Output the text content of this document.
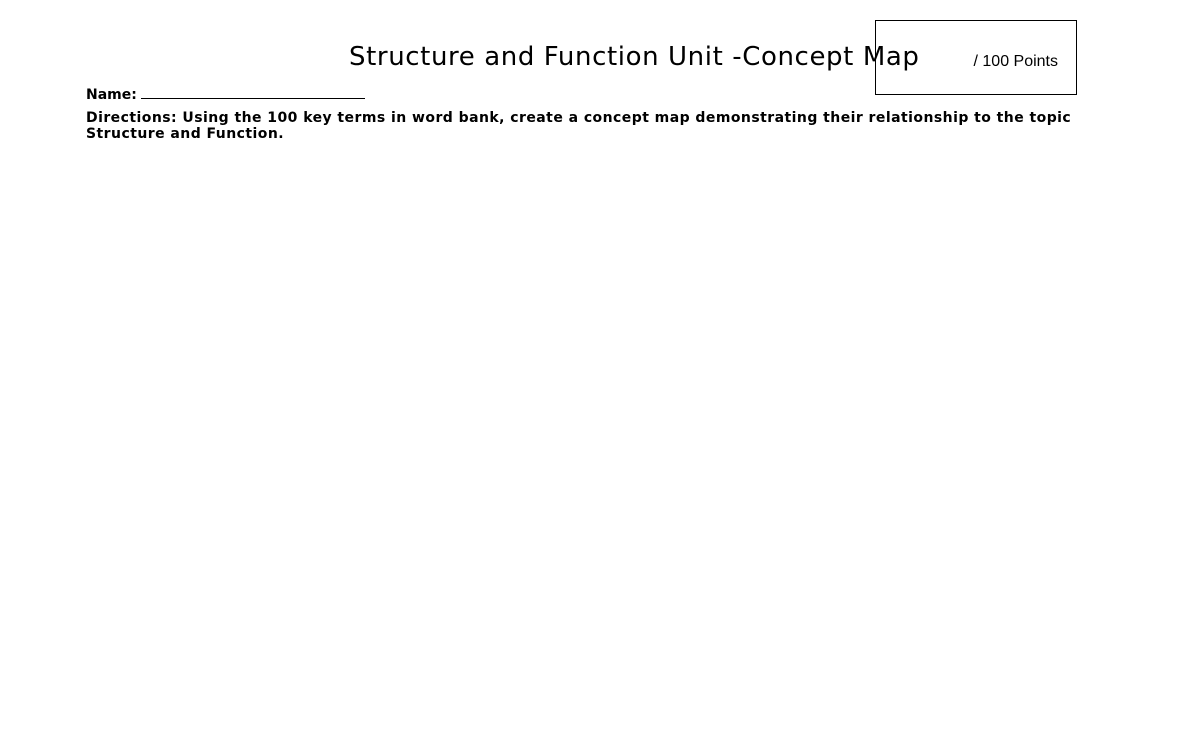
Structure and Function Unit -Concept Map	/ 100 Points
Name:
Directions: Using the 100 key terms in word bank, create a concept map demonstrating their relationship to the topic Structure and Function.
